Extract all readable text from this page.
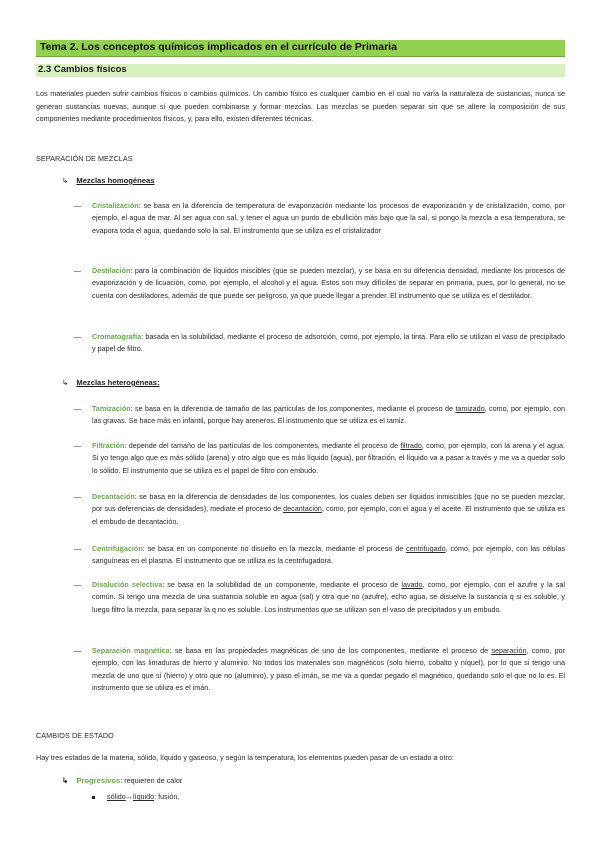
Tema 2. Los conceptos químicos implicados en el currículo de Primaria
2.3 Cambios físicos
Los materiales pueden sufrir cambios físicos o cambios químicos. Un cambio físico es cualquier cambio en el cual no varía la naturaleza de sustancias, nunca se generan sustancias nuevas, aunque sí que pueden combinarse y formar mezclas. Las mezclas se pueden separar sin que se altere la composición de sus componentes mediante procedimientos físicos, y, para ello, existen diferentes técnicas.
SEPARACIÓN DE MEZCLAS
↳ Mezclas homogéneas
—	Cristalización: se basa en la diferencia de temperatura de evaporización mediante los procesos de evaporización y de cristalización, como, por ejemplo, el agua de mar. Al ser agua con sal, y tener el agua un punto de ebullición más bajo que la sal, si pongo la mezcla a esa temperatura, se evapora toda el agua, quedando solo la sal. El instrumento que se utiliza es el cristalizador
—	Destilación: para la combinación de líquidos miscibles (que se pueden mezclar), y se basa en su diferencia densidad, mediante los procesos de evaporización y de licuación, como, por ejemplo, el alcohol y el agua. Estos son muy difíciles de separar en primaria, pues, por lo general, no se cuenta con destiladores, además de que puede ser peligroso, ya que puede llegar a prender. El instrumento que se utiliza es el destilador.
—	Cromatografía: basada en la solubilidad, mediante el proceso de adsorción, como, por ejemplo, la tinta. Para ello se utilizan el vaso de precipitado y papel de filtro.
↳ Mezclas heterogéneas:
—	Tamización: se basa en la diferencia de tamaño de las partículas de los componentes, mediante el proceso de tamizado, como, por ejemplo, con las gravas. Se hace más en infantil, porque hay areneros. El instrumento que se utiliza es el tamiz.
—	Filtración: depende del tamaño de las partículas de los componentes, mediante el proceso de filtrado, como, por ejemplo, con la arena y el agua. Si yo tengo algo que es más sólido (arena) y otro algo que es más líquido (agua), por filtración, el líquido va a pasar a través y me va a quedar solo lo sólido. El instrumento que se utiliza es el papel de filtro con embudo.
—	Decantación: se basa en la diferencia de densidades de los componentes, los cuales deben ser líquidos inmiscibles (que no se pueden mezclar, por sus deferencias de densidades), mediate el proceso de decantación, como, por ejemplo, con el agua y el aceite. El instrumento que se utiliza es el embudo de decantación.
—	Centrifugación: se basa en un componente no disuelto en la mezcla, mediante el proceso de centrifugado, como, por ejemplo, con las células sanguíneas en el plasma. El instrumento que se utiliza es la centrifugadora.
—	Disolución selectiva: se basa en la solubilidad de un componente, mediante el proceso de lavado, como, por ejemplo, con el azufre y la sal común. Si tengo una mezcla de una sustancia soluble en agua (sal) y otra que no (azufre), echo agua, se disuelve la sustancia q si es soluble, y luego filtro la mezcla, para separar la q no es soluble. Los instrumentos que se utilizan son el vaso de precipitados y un embudo.
—	Separación magnética: se basa en las propiedades magnéticas de uno de los componentes, mediante el proceso de separación, como, por ejemplo, con las limaduras de hierro y aluminio. No todos los materiales son magnéticos (solo hierro, cobalto y níquel), por lo que si tengo una mezcla de uno que sí (hierro) y otro que no (aluminio), y paso el imán, se me va a quedar pegado el magnético, quedando solo el que no lo es. El instrumento que se utiliza es el imán.
CAMBIOS DE ESTADO
Hay tres estados de la materia, sólido, líquido y gaseoso, y según la temperatura, los elementos pueden pasar de un estado a otro:
↳ Progresivos: requieren de calor
sólido→líquido: fusión.
